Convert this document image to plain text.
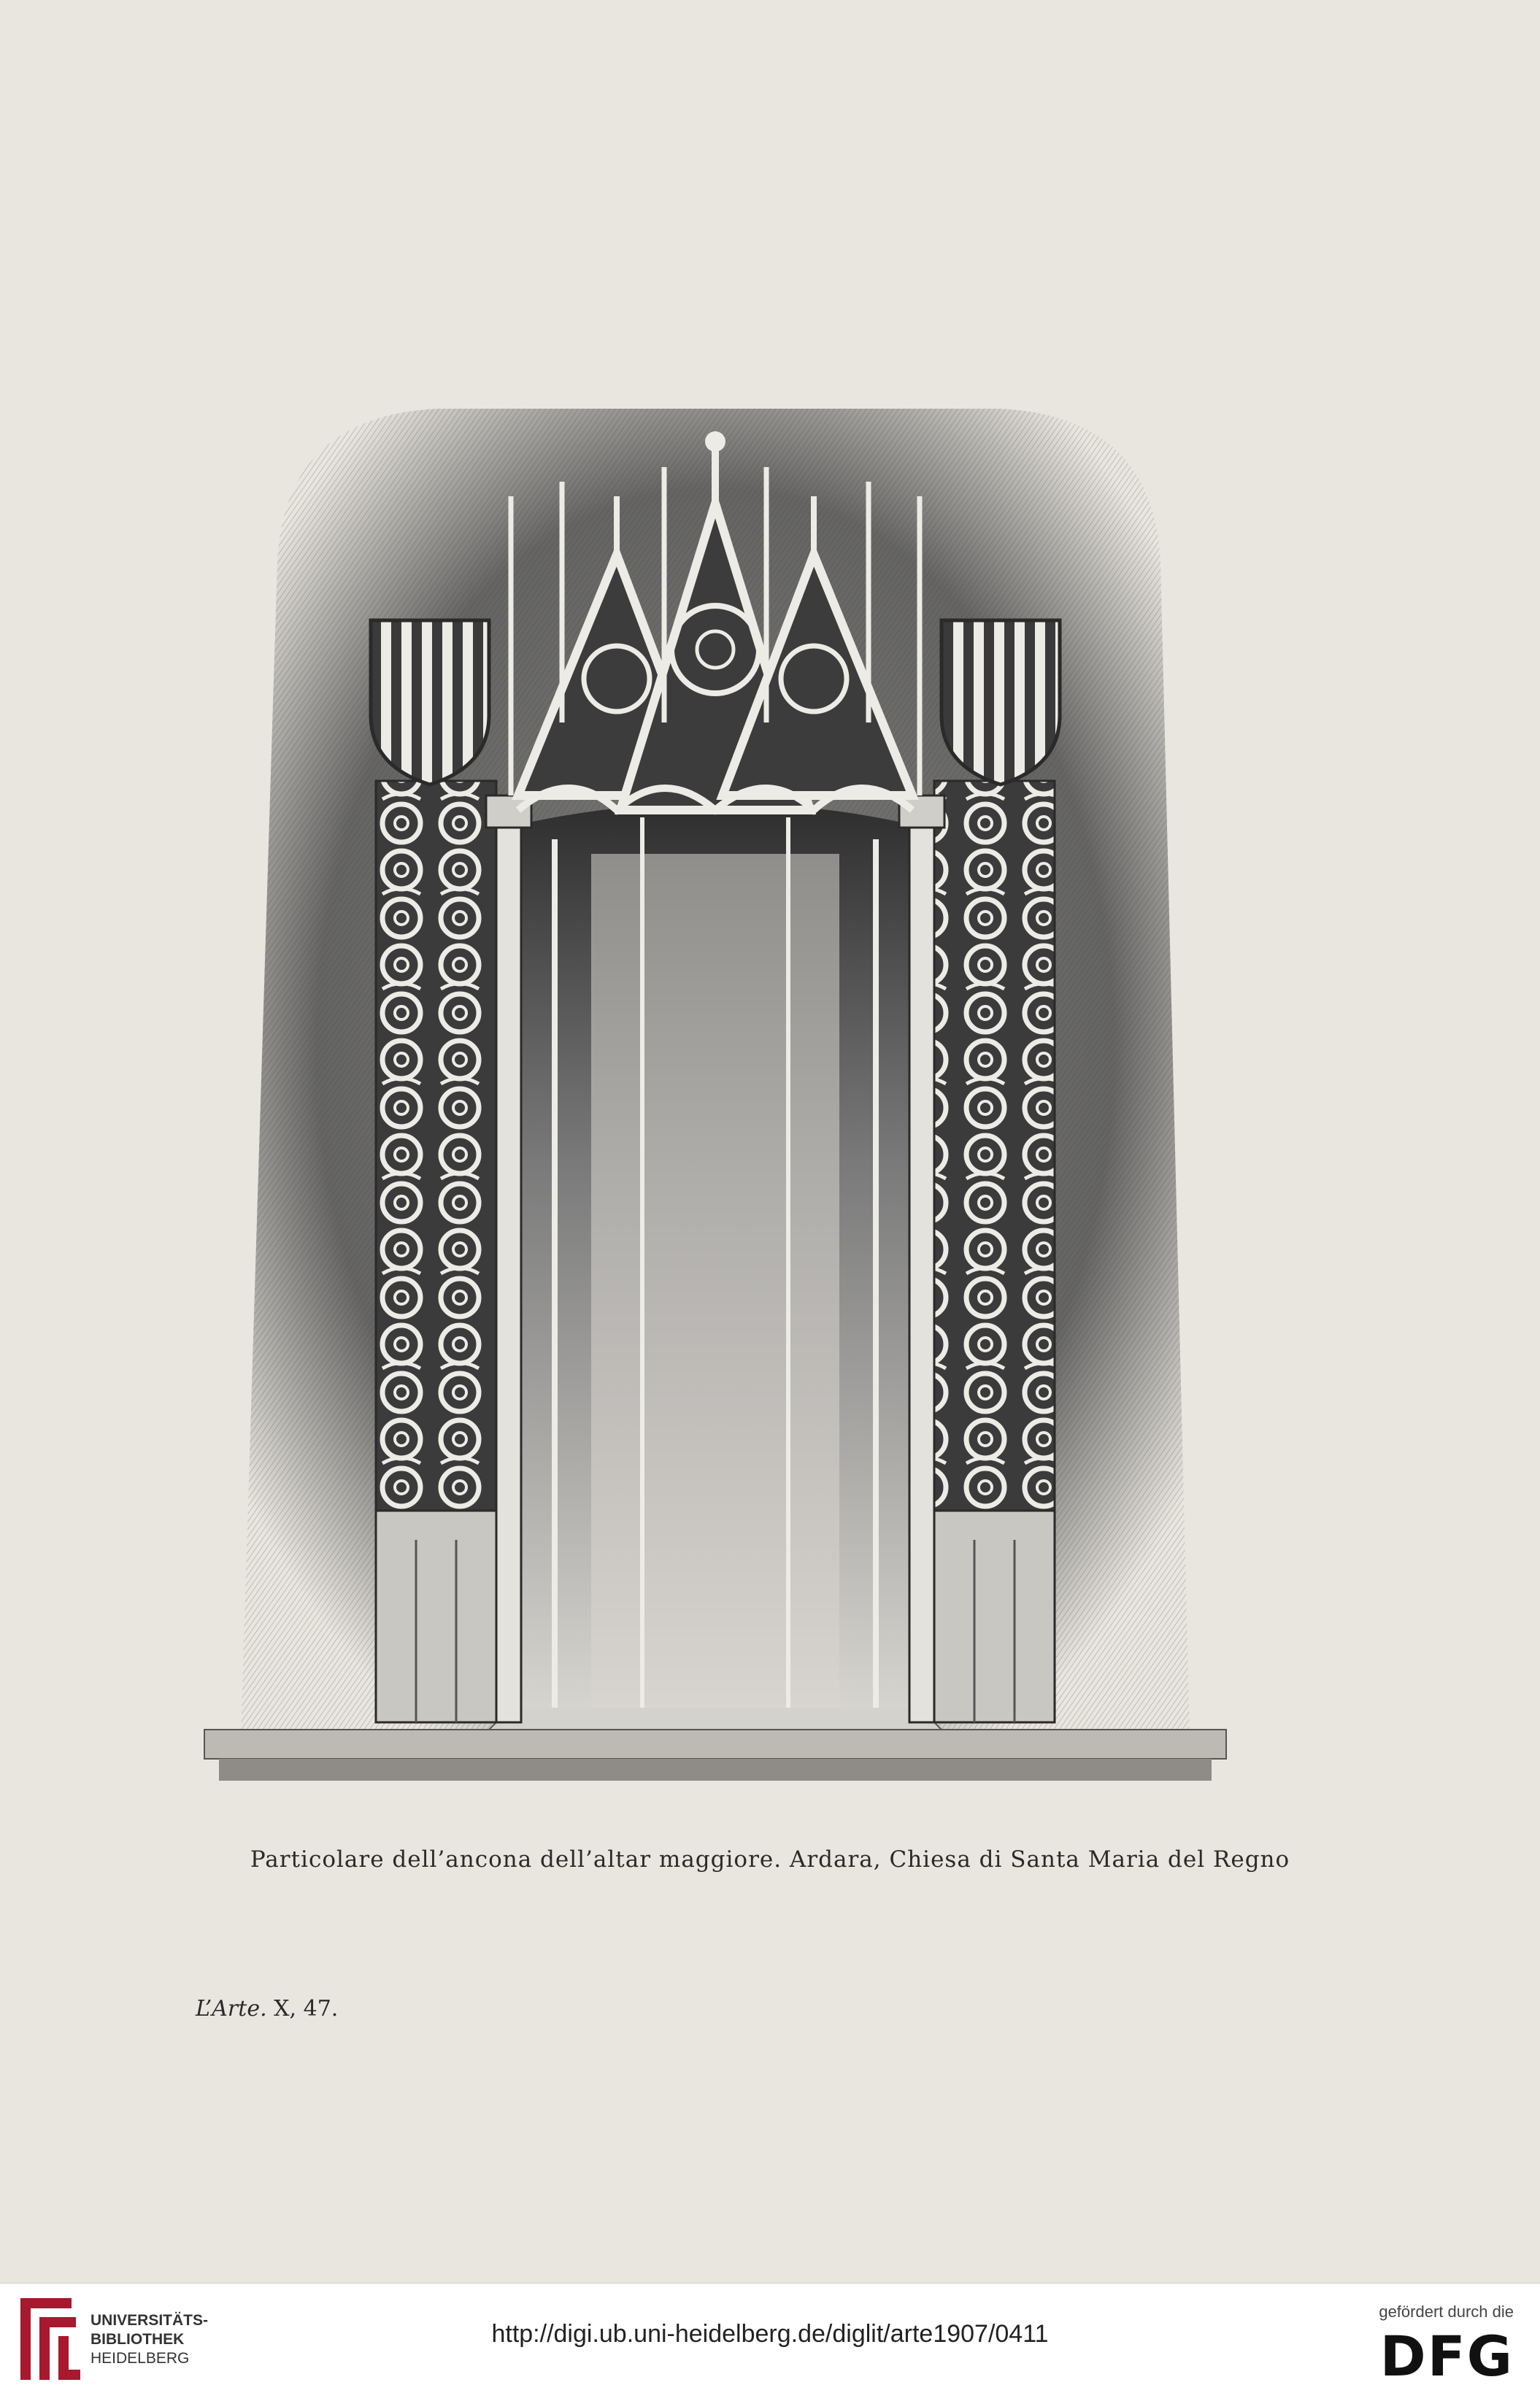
Particolare dell’ancona dell’altar maggiore. Ardara, Chiesa di Santa Maria del Regno
L’Arte. X, 47.
UNIVERSITÄTS-
BIBLIOTHEK
HEIDELBERG
http://digi.ub.uni-heidelberg.de/diglit/arte1907/0411
gefördert durch die
DFG
